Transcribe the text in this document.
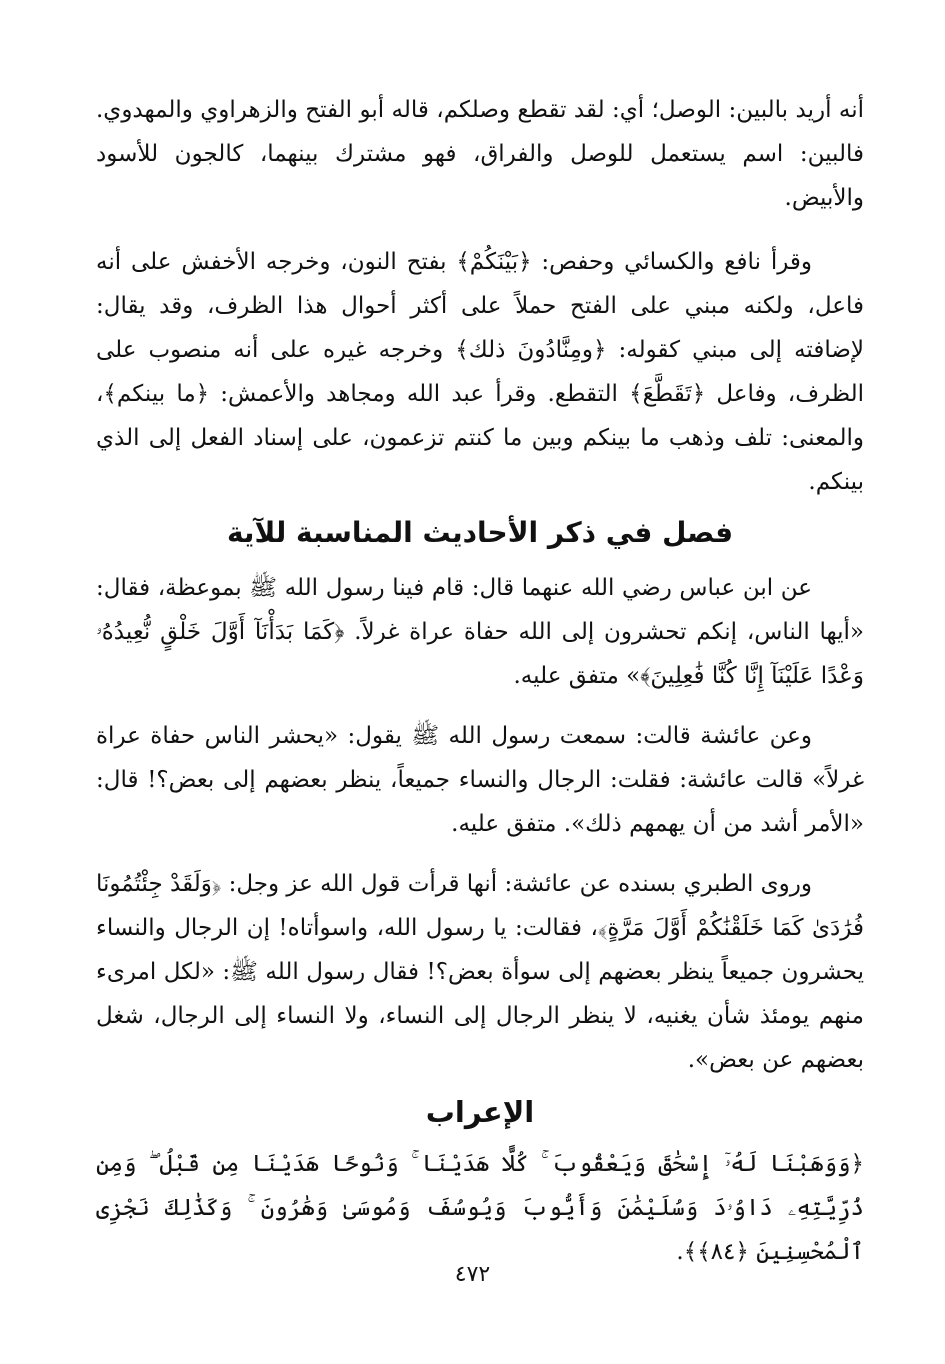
أنه أريد بالبين: الوصل؛ أي: لقد تقطع وصلكم، قاله أبو الفتح والزهراوي والمهدوي. فالبين: اسم يستعمل للوصل والفراق، فهو مشترك بينهما، كالجون للأسود والأبيض.

وقرأ نافع والكسائي وحفص: ﴿بَيْنَكُمْ﴾ بفتح النون، وخرجه الأخفش على أنه فاعل، ولكنه مبني على الفتح حملاً على أكثر أحوال هذا الظرف، وقد يقال: لإضافته إلى مبني كقوله: ﴿ومِنَّادُونَ ذلك﴾ وخرجه غيره على أنه منصوب على الظرف، وفاعل ﴿تَقَطَّعَ﴾ التقطع. وقرأ عبد الله ومجاهد والأعمش: ﴿ما بينكم﴾، والمعنى: تلف وذهب ما بينكم وبين ما كنتم تزعمون، على إسناد الفعل إلى الذي بينكم.

فصل في ذكر الأحاديث المناسبة للآية

عن ابن عباس رضي الله عنهما قال: قام فينا رسول الله ﷺ بموعظة، فقال: «أيها الناس، إنكم تحشرون إلى الله حفاة عراة غرلاً. ﴿كَمَا بَدَأْنَآ أَوَّلَ خَلْقٍ نُّعِيدُهُۥ وَعْدًا عَلَيْنَآ إِنَّا كُنَّا فَٰعِلِينَ﴾» متفق عليه.

وعن عائشة قالت: سمعت رسول الله ﷺ يقول: «يحشر الناس حفاة عراة غرلاً» قالت عائشة: فقلت: الرجال والنساء جميعاً، ينظر بعضهم إلى بعض؟! قال: «الأمر أشد من أن يهمهم ذلك». متفق عليه.

وروى الطبري بسنده عن عائشة: أنها قرأت قول الله عز وجل: ﴿وَلَقَدْ جِئْتُمُونَا فُرَٰدَىٰ كَمَا خَلَقْنَٰكُمْ أَوَّلَ مَرَّةٍ﴾، فقالت: يا رسول الله، واسوأتاه! إن الرجال والنساء يحشرون جميعاً ينظر بعضهم إلى سوأة بعض؟! فقال رسول الله ﷺ: «لكل امرىء منهم يومئذ شأن يغنيه، لا ينظر الرجال إلى النساء، ولا النساء إلى الرجال، شغل بعضهم عن بعض».

الإعراب

﴿وَوَهَبْنَا لَهُۥٓ إِسْحَٰقَ وَيَعْقُوبَ ۚ كُلًّا هَدَيْنَا ۚ وَنُوحًا هَدَيْنَا مِن قَبْلُ ۖ وَمِن ذُرِّيَّتِهِۦ دَاوُۥدَ وَسُلَيْمَٰنَ وَأَيُّوبَ وَيُوسُفَ وَمُوسَىٰ وَهَٰرُونَ ۚ وَكَذَٰلِكَ نَجْزِى ٱلْمُحْسِنِينَ ﴿٨٤﴾﴾.

٤٧٢
